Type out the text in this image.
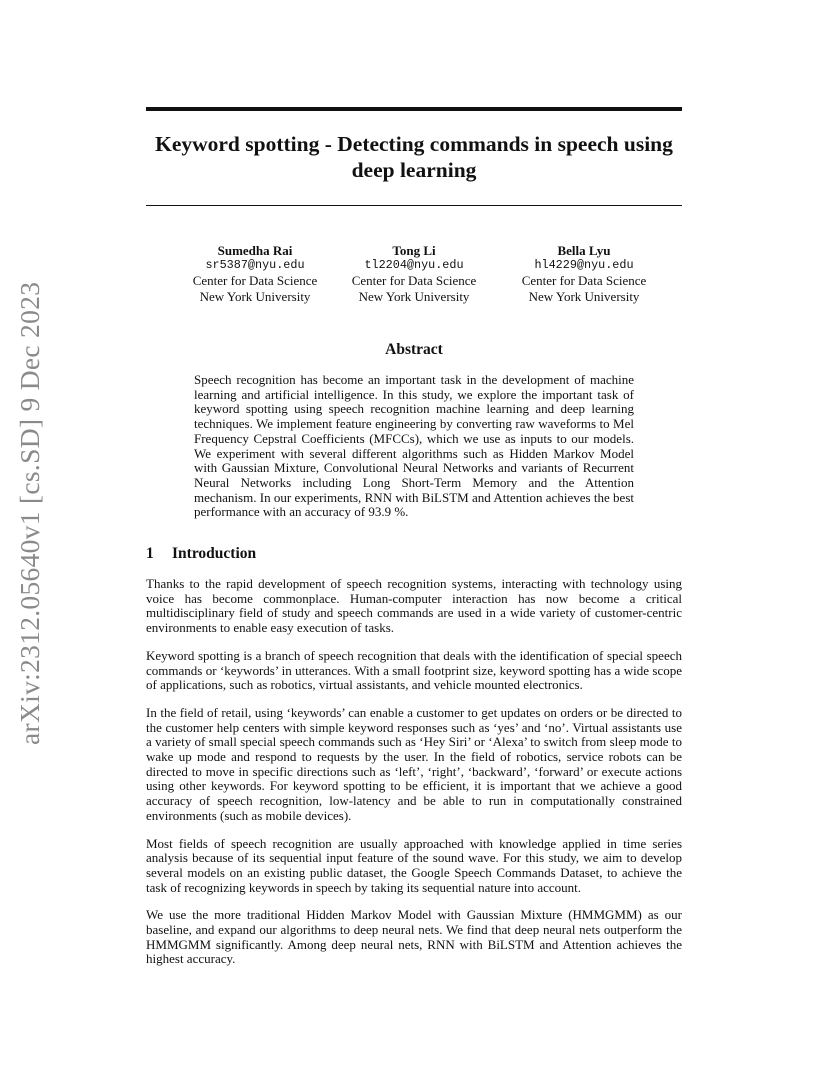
arXiv:2312.05640v1 [cs.SD] 9 Dec 2023
Keyword spotting - Detecting commands in speech using deep learning
Sumedha Rai
sr5387@nyu.edu
Center for Data Science
New York University
Tong Li
tl2204@nyu.edu
Center for Data Science
New York University
Bella Lyu
hl4229@nyu.edu
Center for Data Science
New York University
Abstract

Speech recognition has become an important task in the development of machine learning and artificial intelligence. In this study, we explore the important task of keyword spotting using speech recognition machine learning and deep learning techniques. We implement feature engineering by converting raw waveforms to Mel Frequency Cepstral Coefficients (MFCCs), which we use as inputs to our models. We experiment with several different algorithms such as Hidden Markov Model with Gaussian Mixture, Convolutional Neural Networks and variants of Recurrent Neural Networks including Long Short-Term Memory and the Attention mechanism. In our experiments, RNN with BiLSTM and Attention achieves the best performance with an accuracy of 93.9 %.

1 Introduction

Thanks to the rapid development of speech recognition systems, interacting with technology using voice has become commonplace. Human-computer interaction has now become a critical multidisciplinary field of study and speech commands are used in a wide variety of customer-centric environments to enable easy execution of tasks.

Keyword spotting is a branch of speech recognition that deals with the identification of special speech commands or ‘keywords’ in utterances. With a small footprint size, keyword spotting has a wide scope of applications, such as robotics, virtual assistants, and vehicle mounted electronics.

In the field of retail, using ‘keywords’ can enable a customer to get updates on orders or be directed to the customer help centers with simple keyword responses such as ‘yes’ and ‘no’. Virtual assistants use a variety of small special speech commands such as ‘Hey Siri’ or ‘Alexa’ to switch from sleep mode to wake up mode and respond to requests by the user. In the field of robotics, service robots can be directed to move in specific directions such as ‘left’, ‘right’, ‘backward’, ‘forward’ or execute actions using other keywords. For keyword spotting to be efficient, it is important that we achieve a good accuracy of speech recognition, low-latency and be able to run in computationally constrained environments (such as mobile devices).

Most fields of speech recognition are usually approached with knowledge applied in time series analysis because of its sequential input feature of the sound wave. For this study, we aim to develop several models on an existing public dataset, the Google Speech Commands Dataset, to achieve the task of recognizing keywords in speech by taking its sequential nature into account.

We use the more traditional Hidden Markov Model with Gaussian Mixture (HMMGMM) as our baseline, and expand our algorithms to deep neural nets. We find that deep neural nets outperform the HMMGMM significantly. Among deep neural nets, RNN with BiLSTM and Attention achieves the highest accuracy.
